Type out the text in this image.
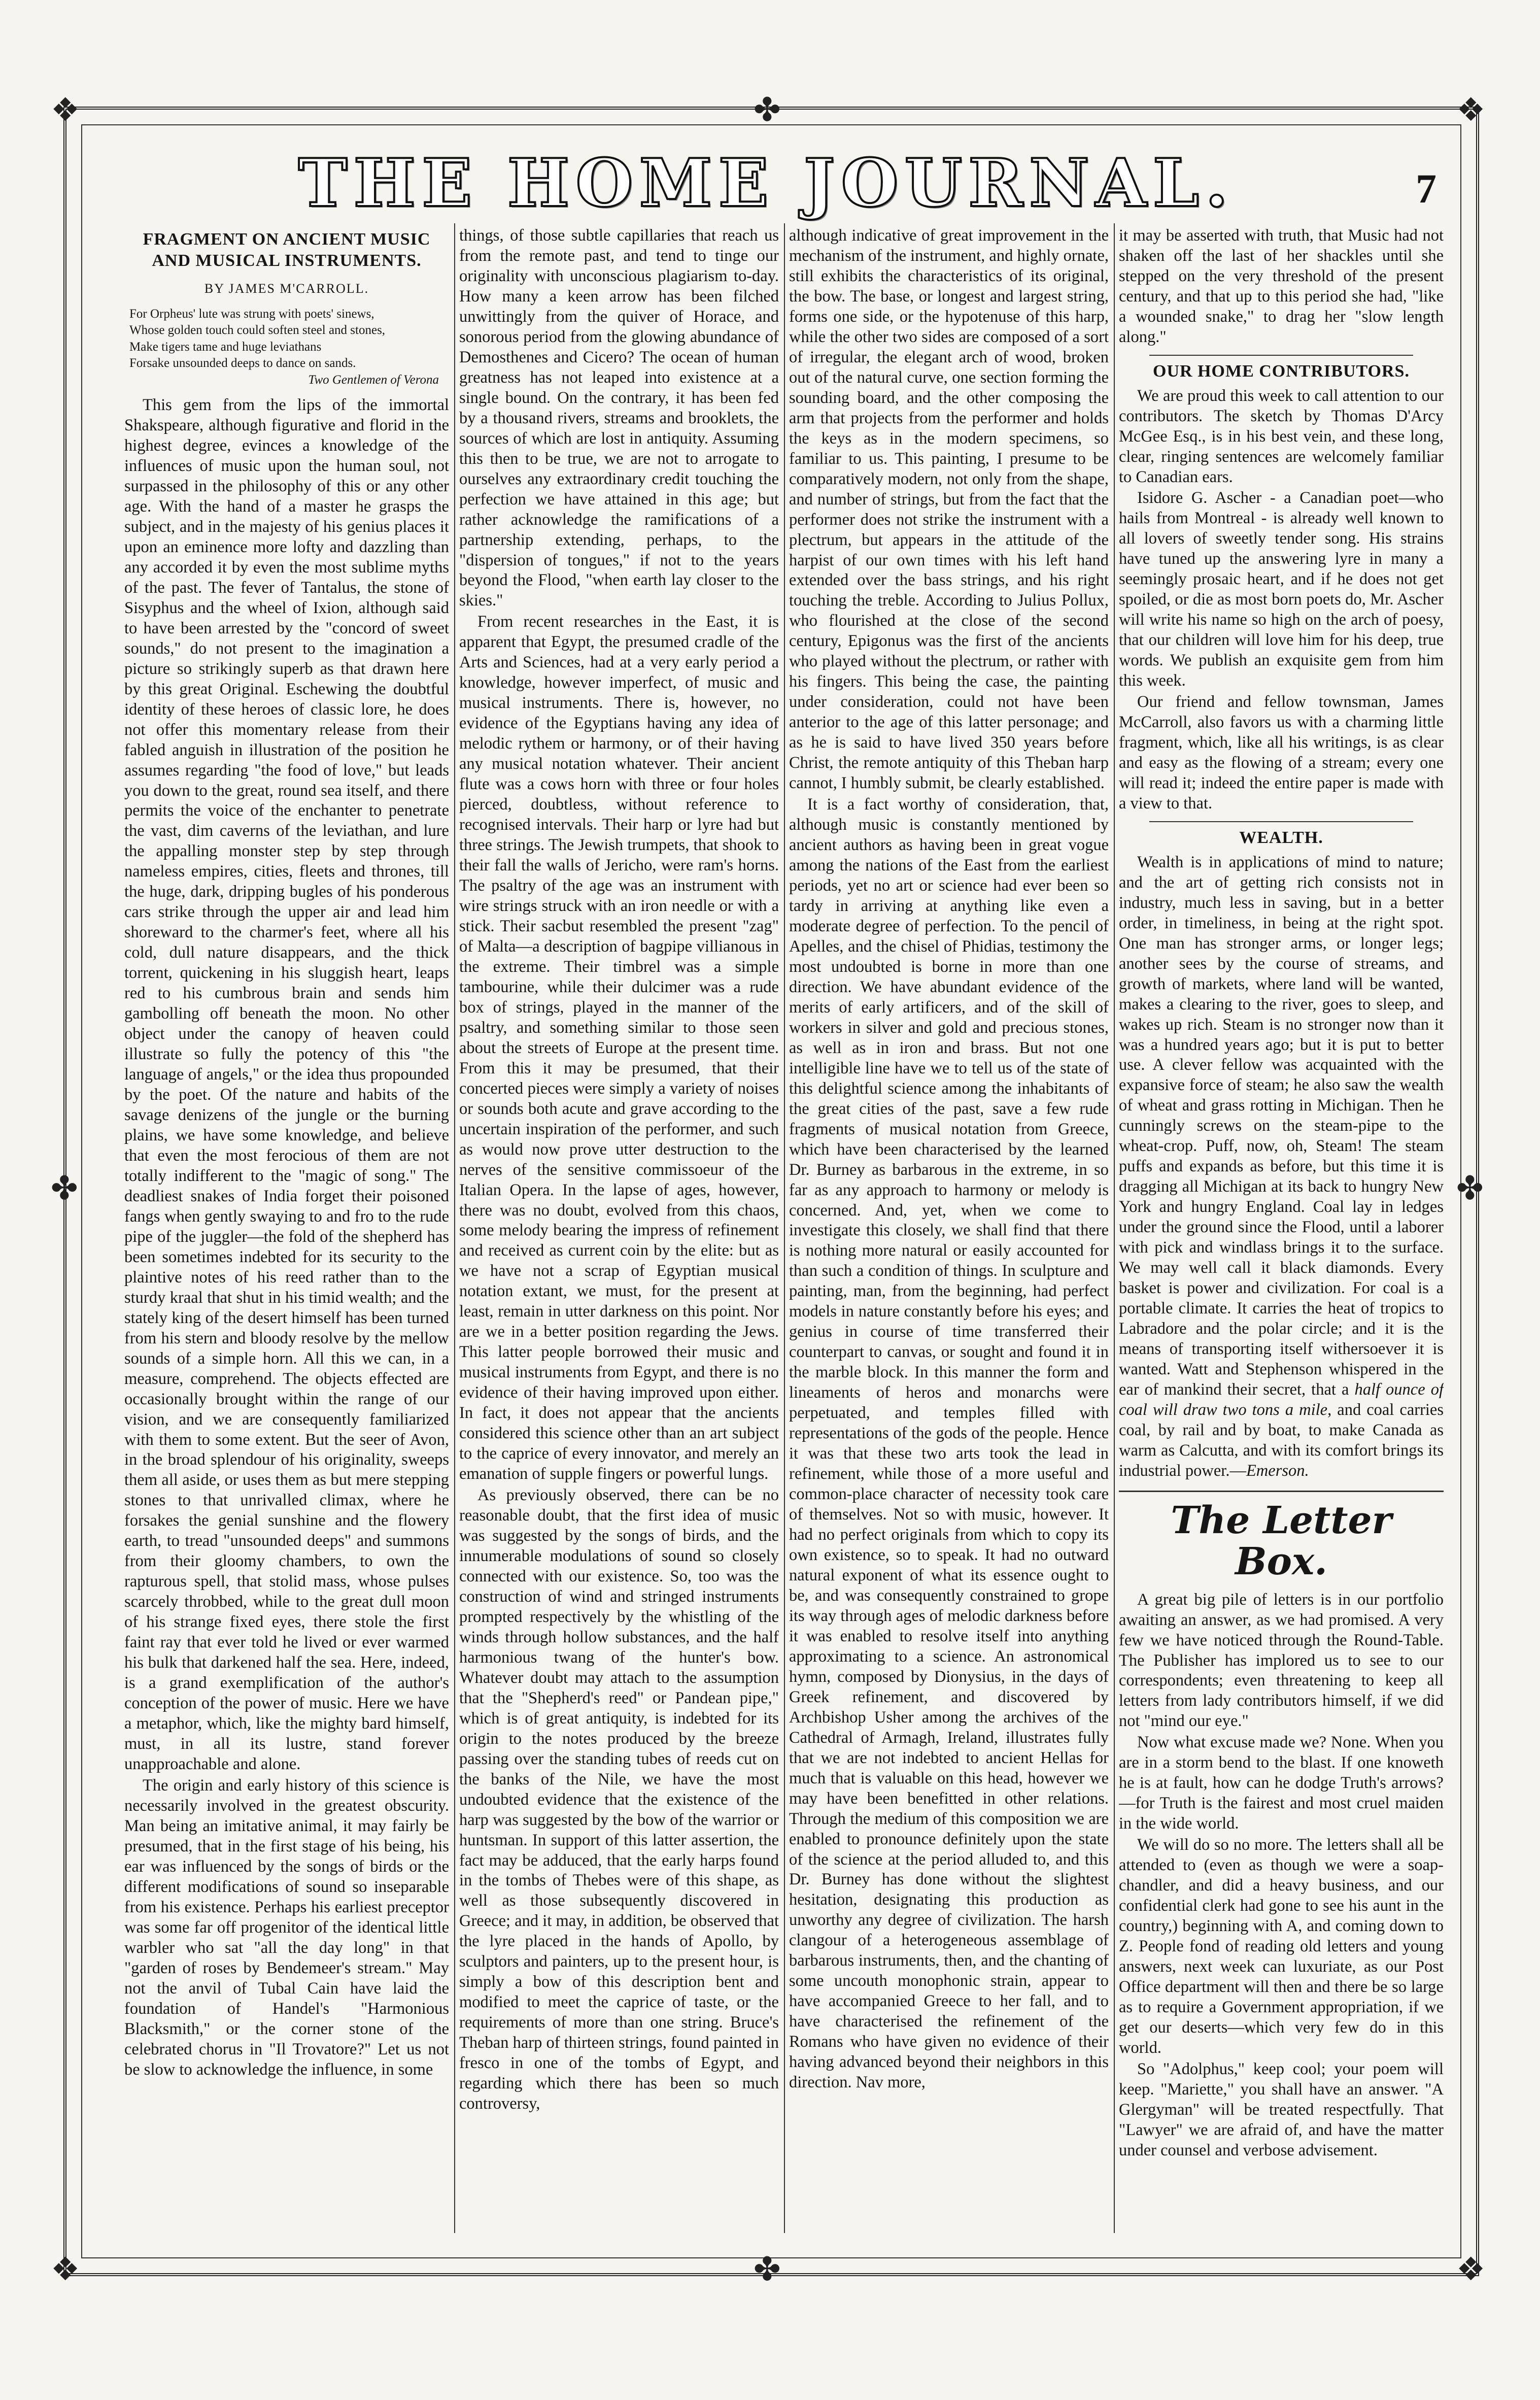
❖	❖
❖	❖
✤
✤
✤	✤
THE HOME JOURNAL.	7
FRAGMENT ON ANCIENT MUSIC
AND MUSICAL INSTRUMENTS.
BY JAMES M'CARROLL.
For Orpheus' lute was strung with poets' sinews,
Whose golden touch could soften steel and stones,
Make tigers tame and huge leviathans
Forsake unsounded deeps to dance on sands.
Two Gentlemen of Verona

This gem from the lips of the immortal Shakspeare, although figurative and florid in the highest degree, evinces a knowledge of the influences of music upon the human soul, not surpassed in the philosophy of this or any other age. With the hand of a master he grasps the subject, and in the majesty of his genius places it upon an eminence more lofty and dazzling than any accorded it by even the most sublime myths of the past. The fever of Tantalus, the stone of Sisyphus and the wheel of Ixion, although said to have been arrested by the "concord of sweet sounds," do not present to the imagination a picture so strikingly superb as that drawn here by this great Original. Eschewing the doubtful identity of these heroes of classic lore, he does not offer this momentary release from their fabled anguish in illustration of the position he assumes regarding "the food of love," but leads you down to the great, round sea itself, and there permits the voice of the enchanter to penetrate the vast, dim caverns of the leviathan, and lure the appalling monster step by step through nameless empires, cities, fleets and thrones, till the huge, dark, dripping bugles of his ponderous cars strike through the upper air and lead him shoreward to the charmer's feet, where all his cold, dull nature disappears, and the thick torrent, quickening in his sluggish heart, leaps red to his cumbrous brain and sends him gambolling off beneath the moon. No other object under the canopy of heaven could illustrate so fully the potency of this "the language of angels," or the idea thus propounded by the poet. Of the nature and habits of the savage denizens of the jungle or the burning plains, we have some knowledge, and believe that even the most ferocious of them are not totally indifferent to the "magic of song." The deadliest snakes of India forget their poisoned fangs when gently swaying to and fro to the rude pipe of the juggler—the fold of the shepherd has been sometimes indebted for its security to the plaintive notes of his reed rather than to the sturdy kraal that shut in his timid wealth; and the stately king of the desert himself has been turned from his stern and bloody resolve by the mellow sounds of a simple horn. All this we can, in a measure, comprehend. The objects effected are occasionally brought within the range of our vision, and we are consequently familiarized with them to some extent. But the seer of Avon, in the broad splendour of his originality, sweeps them all aside, or uses them as but mere stepping stones to that unrivalled climax, where he forsakes the genial sunshine and the flowery earth, to tread "unsounded deeps" and summons from their gloomy chambers, to own the rapturous spell, that stolid mass, whose pulses scarcely throbbed, while to the great dull moon of his strange fixed eyes, there stole the first faint ray that ever told he lived or ever warmed his bulk that darkened half the sea. Here, indeed, is a grand exemplification of the author's conception of the power of music. Here we have a metaphor, which, like the mighty bard himself, must, in all its lustre, stand forever unapproachable and alone.

The origin and early history of this science is necessarily involved in the greatest obscurity. Man being an imitative animal, it may fairly be presumed, that in the first stage of his being, his ear was influenced by the songs of birds or the different modifications of sound so inseparable from his existence. Perhaps his earliest preceptor was some far off progenitor of the identical little warbler who sat "all the day long" in that "garden of roses by Bendemeer's stream." May not the anvil of Tubal Cain have laid the foundation of Handel's "Harmonious Blacksmith," or the corner stone of the celebrated chorus in "Il Trovatore?" Let us not be slow to acknowledge the influence, in some

things, of those subtle capillaries that reach us from the remote past, and tend to tinge our originality with unconscious plagiarism to-day. How many a keen arrow has been filched unwittingly from the quiver of Horace, and sonorous period from the glowing abundance of Demosthenes and Cicero? The ocean of human greatness has not leaped into existence at a single bound. On the contrary, it has been fed by a thousand rivers, streams and brooklets, the sources of which are lost in antiquity. Assuming this then to be true, we are not to arrogate to ourselves any extraordinary credit touching the perfection we have attained in this age; but rather acknowledge the ramifications of a partnership extending, perhaps, to the "dispersion of tongues," if not to the years beyond the Flood, "when earth lay closer to the skies."

From recent researches in the East, it is apparent that Egypt, the presumed cradle of the Arts and Sciences, had at a very early period a knowledge, however imperfect, of music and musical instruments. There is, however, no evidence of the Egyptians having any idea of melodic rythem or harmony, or of their having any musical notation whatever. Their ancient flute was a cows horn with three or four holes pierced, doubtless, without reference to recognised intervals. Their harp or lyre had but three strings. The Jewish trumpets, that shook to their fall the walls of Jericho, were ram's horns. The psaltry of the age was an instrument with wire strings struck with an iron needle or with a stick. Their sacbut resembled the present "zag" of Malta—a description of bagpipe villianous in the extreme. Their timbrel was a simple tambourine, while their dulcimer was a rude box of strings, played in the manner of the psaltry, and something similar to those seen about the streets of Europe at the present time. From this it may be presumed, that their concerted pieces were simply a variety of noises or sounds both acute and grave according to the uncertain inspiration of the performer, and such as would now prove utter destruction to the nerves of the sensitive commissoeur of the Italian Opera. In the lapse of ages, however, there was no doubt, evolved from this chaos, some melody bearing the impress of refinement and received as current coin by the elite: but as we have not a scrap of Egyptian musical notation extant, we must, for the present at least, remain in utter darkness on this point. Nor are we in a better position regarding the Jews. This latter people borrowed their music and musical instruments from Egypt, and there is no evidence of their having improved upon either. In fact, it does not appear that the ancients considered this science other than an art subject to the caprice of every innovator, and merely an emanation of supple fingers or powerful lungs.

As previously observed, there can be no reasonable doubt, that the first idea of music was suggested by the songs of birds, and the innumerable modulations of sound so closely connected with our existence. So, too was the construction of wind and stringed instruments prompted respectively by the whistling of the winds through hollow substances, and the half harmonious twang of the hunter's bow. Whatever doubt may attach to the assumption that the "Shepherd's reed" or Pandean pipe," which is of great antiquity, is indebted for its origin to the notes produced by the breeze passing over the standing tubes of reeds cut on the banks of the Nile, we have the most undoubted evidence that the existence of the harp was suggested by the bow of the warrior or huntsman. In support of this latter assertion, the fact may be adduced, that the early harps found in the tombs of Thebes were of this shape, as well as those subsequently discovered in Greece; and it may, in addition, be observed that the lyre placed in the hands of Apollo, by sculptors and painters, up to the present hour, is simply a bow of this description bent and modified to meet the caprice of taste, or the requirements of more than one string. Bruce's Theban harp of thirteen strings, found painted in fresco in one of the tombs of Egypt, and regarding which there has been so much controversy,

although indicative of great improvement in the mechanism of the instrument, and highly ornate, still exhibits the characteristics of its original, the bow. The base, or longest and largest string, forms one side, or the hypotenuse of this harp, while the other two sides are composed of a sort of irregular, the elegant arch of wood, broken out of the natural curve, one section forming the sounding board, and the other composing the arm that projects from the performer and holds the keys as in the modern specimens, so familiar to us. This painting, I presume to be comparatively modern, not only from the shape, and number of strings, but from the fact that the performer does not strike the instrument with a plectrum, but appears in the attitude of the harpist of our own times with his left hand extended over the bass strings, and his right touching the treble. According to Julius Pollux, who flourished at the close of the second century, Epigonus was the first of the ancients who played without the plectrum, or rather with his fingers. This being the case, the painting under consideration, could not have been anterior to the age of this latter personage; and as he is said to have lived 350 years before Christ, the remote antiquity of this Theban harp cannot, I humbly submit, be clearly established.

It is a fact worthy of consideration, that, although music is constantly mentioned by ancient authors as having been in great vogue among the nations of the East from the earliest periods, yet no art or science had ever been so tardy in arriving at anything like even a moderate degree of perfection. To the pencil of Apelles, and the chisel of Phidias, testimony the most undoubted is borne in more than one direction. We have abundant evidence of the merits of early artificers, and of the skill of workers in silver and gold and precious stones, as well as in iron and brass. But not one intelligible line have we to tell us of the state of this delightful science among the inhabitants of the great cities of the past, save a few rude fragments of musical notation from Greece, which have been characterised by the learned Dr. Burney as barbarous in the extreme, in so far as any approach to harmony or melody is concerned. And, yet, when we come to investigate this closely, we shall find that there is nothing more natural or easily accounted for than such a condition of things. In sculpture and painting, man, from the beginning, had perfect models in nature constantly before his eyes; and genius in course of time transferred their counterpart to canvas, or sought and found it in the marble block. In this manner the form and lineaments of heros and monarchs were perpetuated, and temples filled with representations of the gods of the people. Hence it was that these two arts took the lead in refinement, while those of a more useful and common-place character of necessity took care of themselves. Not so with music, however. It had no perfect originals from which to copy its own existence, so to speak. It had no outward natural exponent of what its essence ought to be, and was consequently constrained to grope its way through ages of melodic darkness before it was enabled to resolve itself into anything approximating to a science. An astronomical hymn, composed by Dionysius, in the days of Greek refinement, and discovered by Archbishop Usher among the archives of the Cathedral of Armagh, Ireland, illustrates fully that we are not indebted to ancient Hellas for much that is valuable on this head, however we may have been benefitted in other relations. Through the medium of this composition we are enabled to pronounce definitely upon the state of the science at the period alluded to, and this Dr. Burney has done without the slightest hesitation, designating this production as unworthy any degree of civilization. The harsh clangour of a heterogeneous assemblage of barbarous instruments, then, and the chanting of some uncouth monophonic strain, appear to have accompanied Greece to her fall, and to have characterised the refinement of the Romans who have given no evidence of their having advanced beyond their neighbors in this direction. Nav more,

it may be asserted with truth, that Music had not shaken off the last of her shackles until she stepped on the very threshold of the present century, and that up to this period she had, "like a wounded snake," to drag her "slow length along."

OUR HOME CONTRIBUTORS.

We are proud this week to call attention to our contributors. The sketch by Thomas D'Arcy McGee Esq., is in his best vein, and these long, clear, ringing sentences are welcomely familiar to Canadian ears.

Isidore G. Ascher - a Canadian poet—who hails from Montreal - is already well known to all lovers of sweetly tender song. His strains have tuned up the answering lyre in many a seemingly prosaic heart, and if he does not get spoiled, or die as most born poets do, Mr. Ascher will write his name so high on the arch of poesy, that our children will love him for his deep, true words. We publish an exquisite gem from him this week.

Our friend and fellow townsman, James McCarroll, also favors us with a charming little fragment, which, like all his writings, is as clear and easy as the flowing of a stream; every one will read it; indeed the entire paper is made with a view to that.

WEALTH.

Wealth is in applications of mind to nature; and the art of getting rich consists not in industry, much less in saving, but in a better order, in timeliness, in being at the right spot. One man has stronger arms, or longer legs; another sees by the course of streams, and growth of markets, where land will be wanted, makes a clearing to the river, goes to sleep, and wakes up rich. Steam is no stronger now than it was a hundred years ago; but it is put to better use. A clever fellow was acquainted with the expansive force of steam; he also saw the wealth of wheat and grass rotting in Michigan. Then he cunningly screws on the steam-pipe to the wheat-crop. Puff, now, oh, Steam! The steam puffs and expands as before, but this time it is dragging all Michigan at its back to hungry New York and hungry England. Coal lay in ledges under the ground since the Flood, until a laborer with pick and windlass brings it to the surface. We may well call it black diamonds. Every basket is power and civilization. For coal is a portable climate. It carries the heat of tropics to Labradore and the polar circle; and it is the means of transporting itself withersoever it is wanted. Watt and Stephenson whispered in the ear of mankind their secret, that a half ounce of coal will draw two tons a mile, and coal carries coal, by rail and by boat, to make Canada as warm as Calcutta, and with its comfort brings its industrial power.—Emerson.

The Letter Box.

A great big pile of letters is in our portfolio awaiting an answer, as we had promised. A very few we have noticed through the Round-Table. The Publisher has implored us to see to our correspondents; even threatening to keep all letters from lady contributors himself, if we did not "mind our eye."

Now what excuse made we? None. When you are in a storm bend to the blast. If one knoweth he is at fault, how can he dodge Truth's arrows?—for Truth is the fairest and most cruel maiden in the wide world.

We will do so no more. The letters shall all be attended to (even as though we were a soap-chandler, and did a heavy business, and our confidential clerk had gone to see his aunt in the country,) beginning with A, and coming down to Z. People fond of reading old letters and young answers, next week can luxuriate, as our Post Office department will then and there be so large as to require a Government appropriation, if we get our deserts—which very few do in this world.

So "Adolphus," keep cool; your poem will keep. "Mariette," you shall have an answer. "A Glergyman" will be treated respectfully. That "Lawyer" we are afraid of, and have the matter under counsel and verbose advisement.
